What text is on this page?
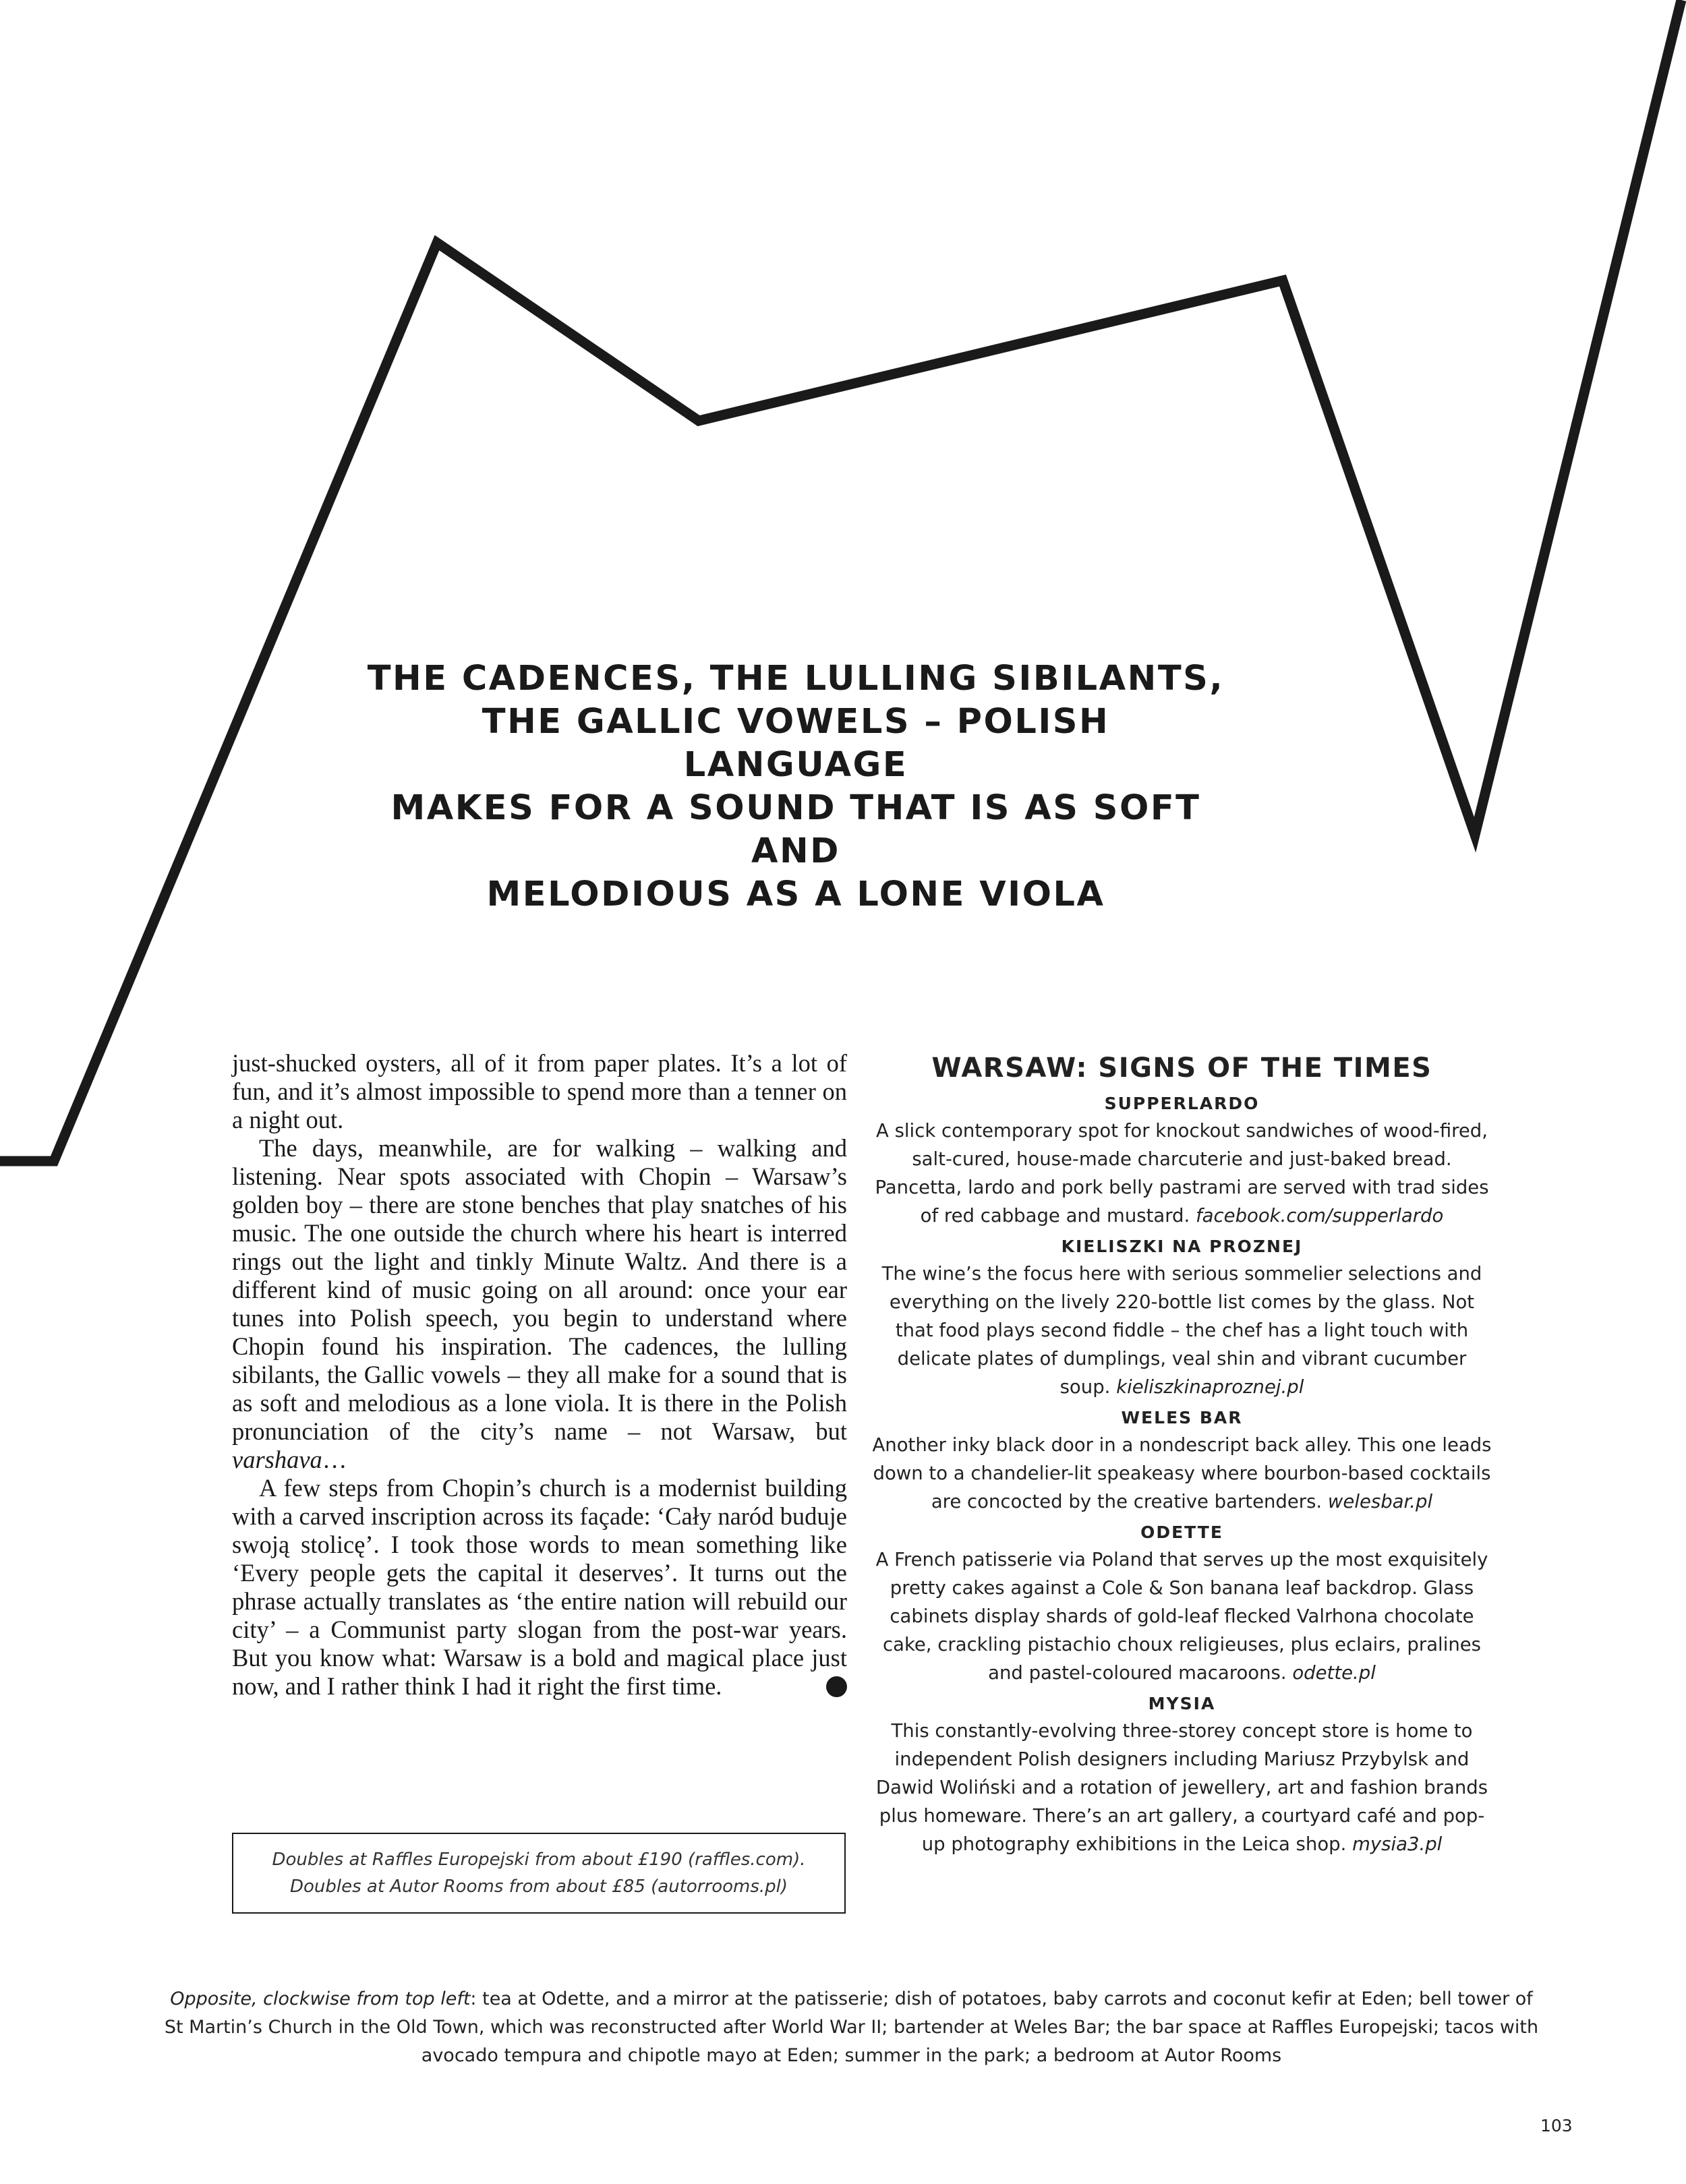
THE CADENCES, THE LULLING SIBILANTS,
THE GALLIC VOWELS – POLISH LANGUAGE
MAKES FOR A SOUND THAT IS AS SOFT AND
MELODIOUS AS A LONE VIOLA

just-shucked oysters, all of it from paper plates. It’s a lot of fun, and it’s almost impossible to spend more than a tenner on a night out.

The days, meanwhile, are for walking – walking and listening. Near spots associated with Chopin – Warsaw’s golden boy – there are stone benches that play snatches of his music. The one outside the church where his heart is interred rings out the light and tinkly Minute Waltz. And there is a different kind of music going on all around: once your ear tunes into Polish speech, you begin to understand where Chopin found his inspiration. The cadences, the lulling sibilants, the Gallic vowels – they all make for a sound that is as soft and melodious as a lone viola. It is there in the Polish pronunciation of the city’s name – not Warsaw, but varshava…

A few steps from Chopin’s church is a modernist building with a carved inscription across its façade: ‘Cały naród buduje swoją stolicę’. I took those words to mean something like ‘Every people gets the capital it deserves’. It turns out the phrase actually translates as ‘the entire nation will rebuild our city’ – a Communist party slogan from the post-war years. But you know what: Warsaw is a bold and magical place just now, and I rather think I had it right the first time.	T

Doubles at Raffles Europejski from about £190 (raffles.com).
Doubles at Autor Rooms from about £85 (autorrooms.pl)
WARSAW: SIGNS OF THE TIMES
SUPPERLARDO

A slick contemporary spot for knockout sandwiches of wood-fired, salt-cured, house-made charcuterie and just-baked bread. Pancetta, lardo and pork belly pastrami are served with trad sides of red cabbage and mustard. facebook.com/supperlardo

KIELISZKI NA PROZNEJ

The wine’s the focus here with serious sommelier selections and everything on the lively 220-bottle list comes by the glass. Not that food plays second fiddle – the chef has a light touch with delicate plates of dumplings, veal shin and vibrant cucumber soup. kieliszkinaproznej.pl

WELES BAR

Another inky black door in a nondescript back alley. This one leads down to a chandelier-lit speakeasy where bourbon-based cocktails are concocted by the creative bartenders. welesbar.pl

ODETTE

A French patisserie via Poland that serves up the most exquisitely pretty cakes against a Cole & Son banana leaf backdrop. Glass cabinets display shards of gold-leaf flecked Valrhona chocolate cake, crackling pistachio choux religieuses, plus eclairs, pralines and pastel-coloured macaroons. odette.pl

MYSIA

This constantly-evolving three-storey concept store is home to independent Polish designers including Mariusz Przybylsk and Dawid Woliński and a rotation of jewellery, art and fashion brands plus homeware. There’s an art gallery, a courtyard café and pop-up photography exhibitions in the Leica shop. mysia3.pl

Opposite, clockwise from top left: tea at Odette, and a mirror at the patisserie; dish of potatoes, baby carrots and coconut kefir at Eden; bell tower of St Martin’s Church in the Old Town, which was reconstructed after World War II; bartender at Weles Bar; the bar space at Raffles Europejski; tacos with avocado tempura and chipotle mayo at Eden; summer in the park; a bedroom at Autor Rooms
103
